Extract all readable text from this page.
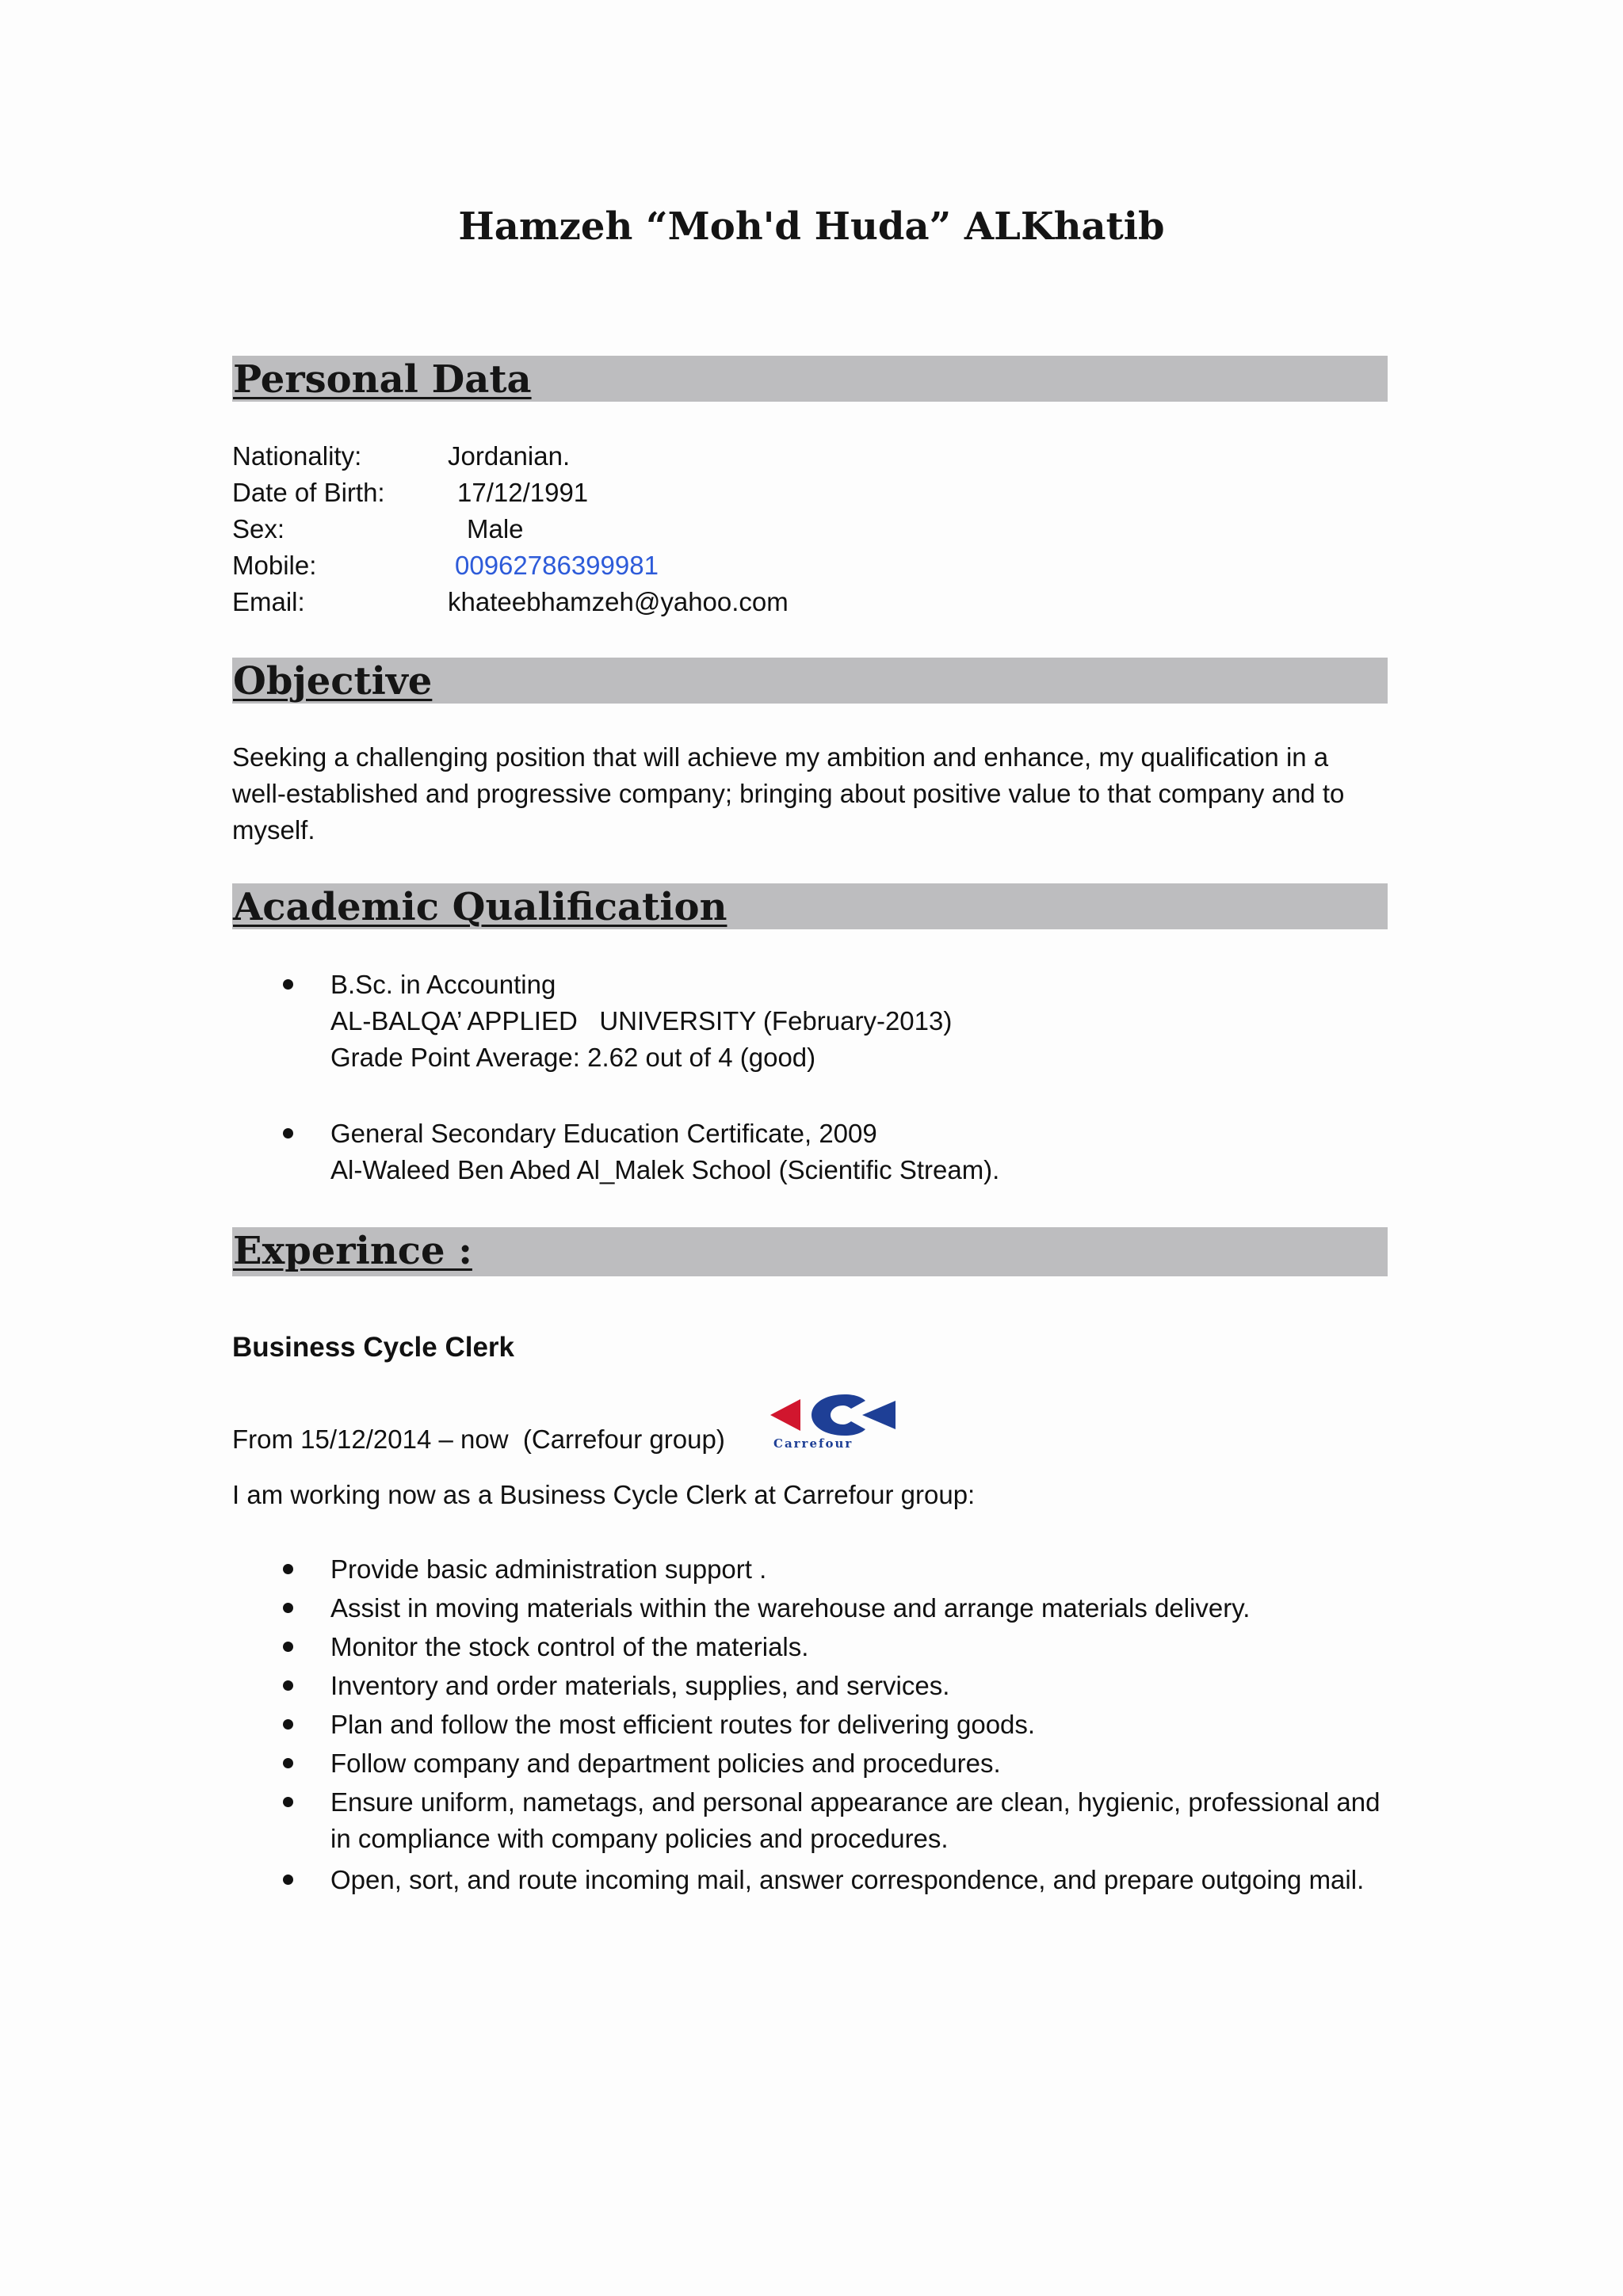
Hamzeh “Moh'd Huda” ALKhatib
Personal Data
Nationality:	Jordanian.
Date of Birth:	17/12/1991
Sex:	Male
Mobile:	00962786399981
Email:	khateebhamzeh@yahoo.com
Objective
Seeking a challenging position that will achieve my ambition and enhance, my qualification in a well-established and progressive company; bringing about positive value to that company and to myself.
Academic Qualification
B.Sc. in Accounting
AL-BALQA’ APPLIED   UNIVERSITY (February-2013)
Grade Point Average: 2.62 out of 4 (good)
General Secondary Education Certificate, 2009
Al-Waleed Ben Abed Al_Malek School (Scientific Stream).
Experince :
Business Cycle Clerk
From 15/12/2014 – now  (Carrefour group)	Carrefour
I am working now as a Business Cycle Clerk at Carrefour group:
Provide basic administration support .
Assist in moving materials within the warehouse and arrange materials delivery.
Monitor the stock control of the materials.
Inventory and order materials, supplies, and services.
Plan and follow the most efficient routes for delivering goods.
Follow company and department policies and procedures.
Ensure uniform, nametags, and personal appearance are clean, hygienic, professional and in compliance with company policies and procedures.
Open, sort, and route incoming mail, answer correspondence, and prepare outgoing mail.
